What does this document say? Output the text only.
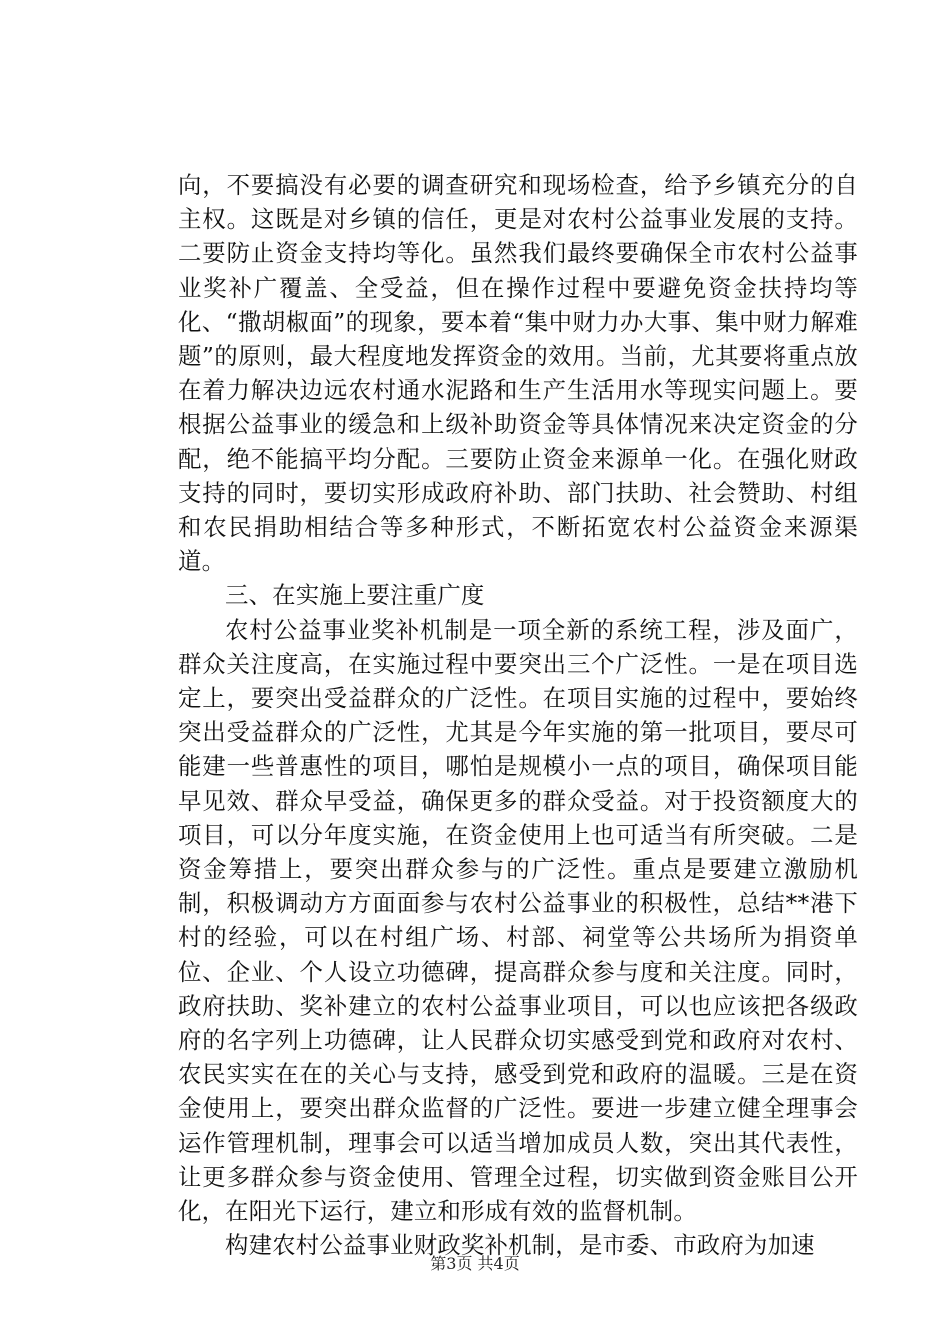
向，不要搞没有必要的调查研究和现场检查，给予乡镇充分的自主权。这既是对乡镇的信任，更是对农村公益事业发展的支持。二要防止资金支持均等化。虽然我们最终要确保全市农村公益事业奖补广覆盖、全受益，但在操作过程中要避免资金扶持均等化、“撒胡椒面”的现象，要本着“集中财力办大事、集中财力解难题”的原则，最大程度地发挥资金的效用。当前，尤其要将重点放在着力解决边远农村通水泥路和生产生活用水等现实问题上。要根据公益事业的缓急和上级补助资金等具体情况来决定资金的分配，绝不能搞平均分配。三要防止资金来源单一化。在强化财政支持的同时，要切实形成政府补助、部门扶助、社会赞助、村组和农民捐助相结合等多种形式，不断拓宽农村公益资金来源渠道。

三、在实施上要注重广度

农村公益事业奖补机制是一项全新的系统工程，涉及面广，群众关注度高，在实施过程中要突出三个广泛性。一是在项目选定上，要突出受益群众的广泛性。在项目实施的过程中，要始终突出受益群众的广泛性，尤其是今年实施的第一批项目，要尽可能建一些普惠性的项目，哪怕是规模小一点的项目，确保项目能早见效、群众早受益，确保更多的群众受益。对于投资额度大的项目，可以分年度实施，在资金使用上也可适当有所突破。二是资金筹措上，要突出群众参与的广泛性。重点是要建立激励机制，积极调动方方面面参与农村公益事业的积极性，总结**港下村的经验，可以在村组广场、村部、祠堂等公共场所为捐资单位、企业、个人设立功德碑，提高群众参与度和关注度。同时，政府扶助、奖补建立的农村公益事业项目，可以也应该把各级政府的名字列上功德碑，让人民群众切实感受到党和政府对农村、农民实实在在的关心与支持，感受到党和政府的温暖。三是在资金使用上，要突出群众监督的广泛性。要进一步建立健全理事会运作管理机制，理事会可以适当增加成员人数，突出其代表性，让更多群众参与资金使用、管理全过程，切实做到资金账目公开化，在阳光下运行，建立和形成有效的监督机制。

构建农村公益事业财政奖补机制，是市委、市政府为加速

第3页 共4页
